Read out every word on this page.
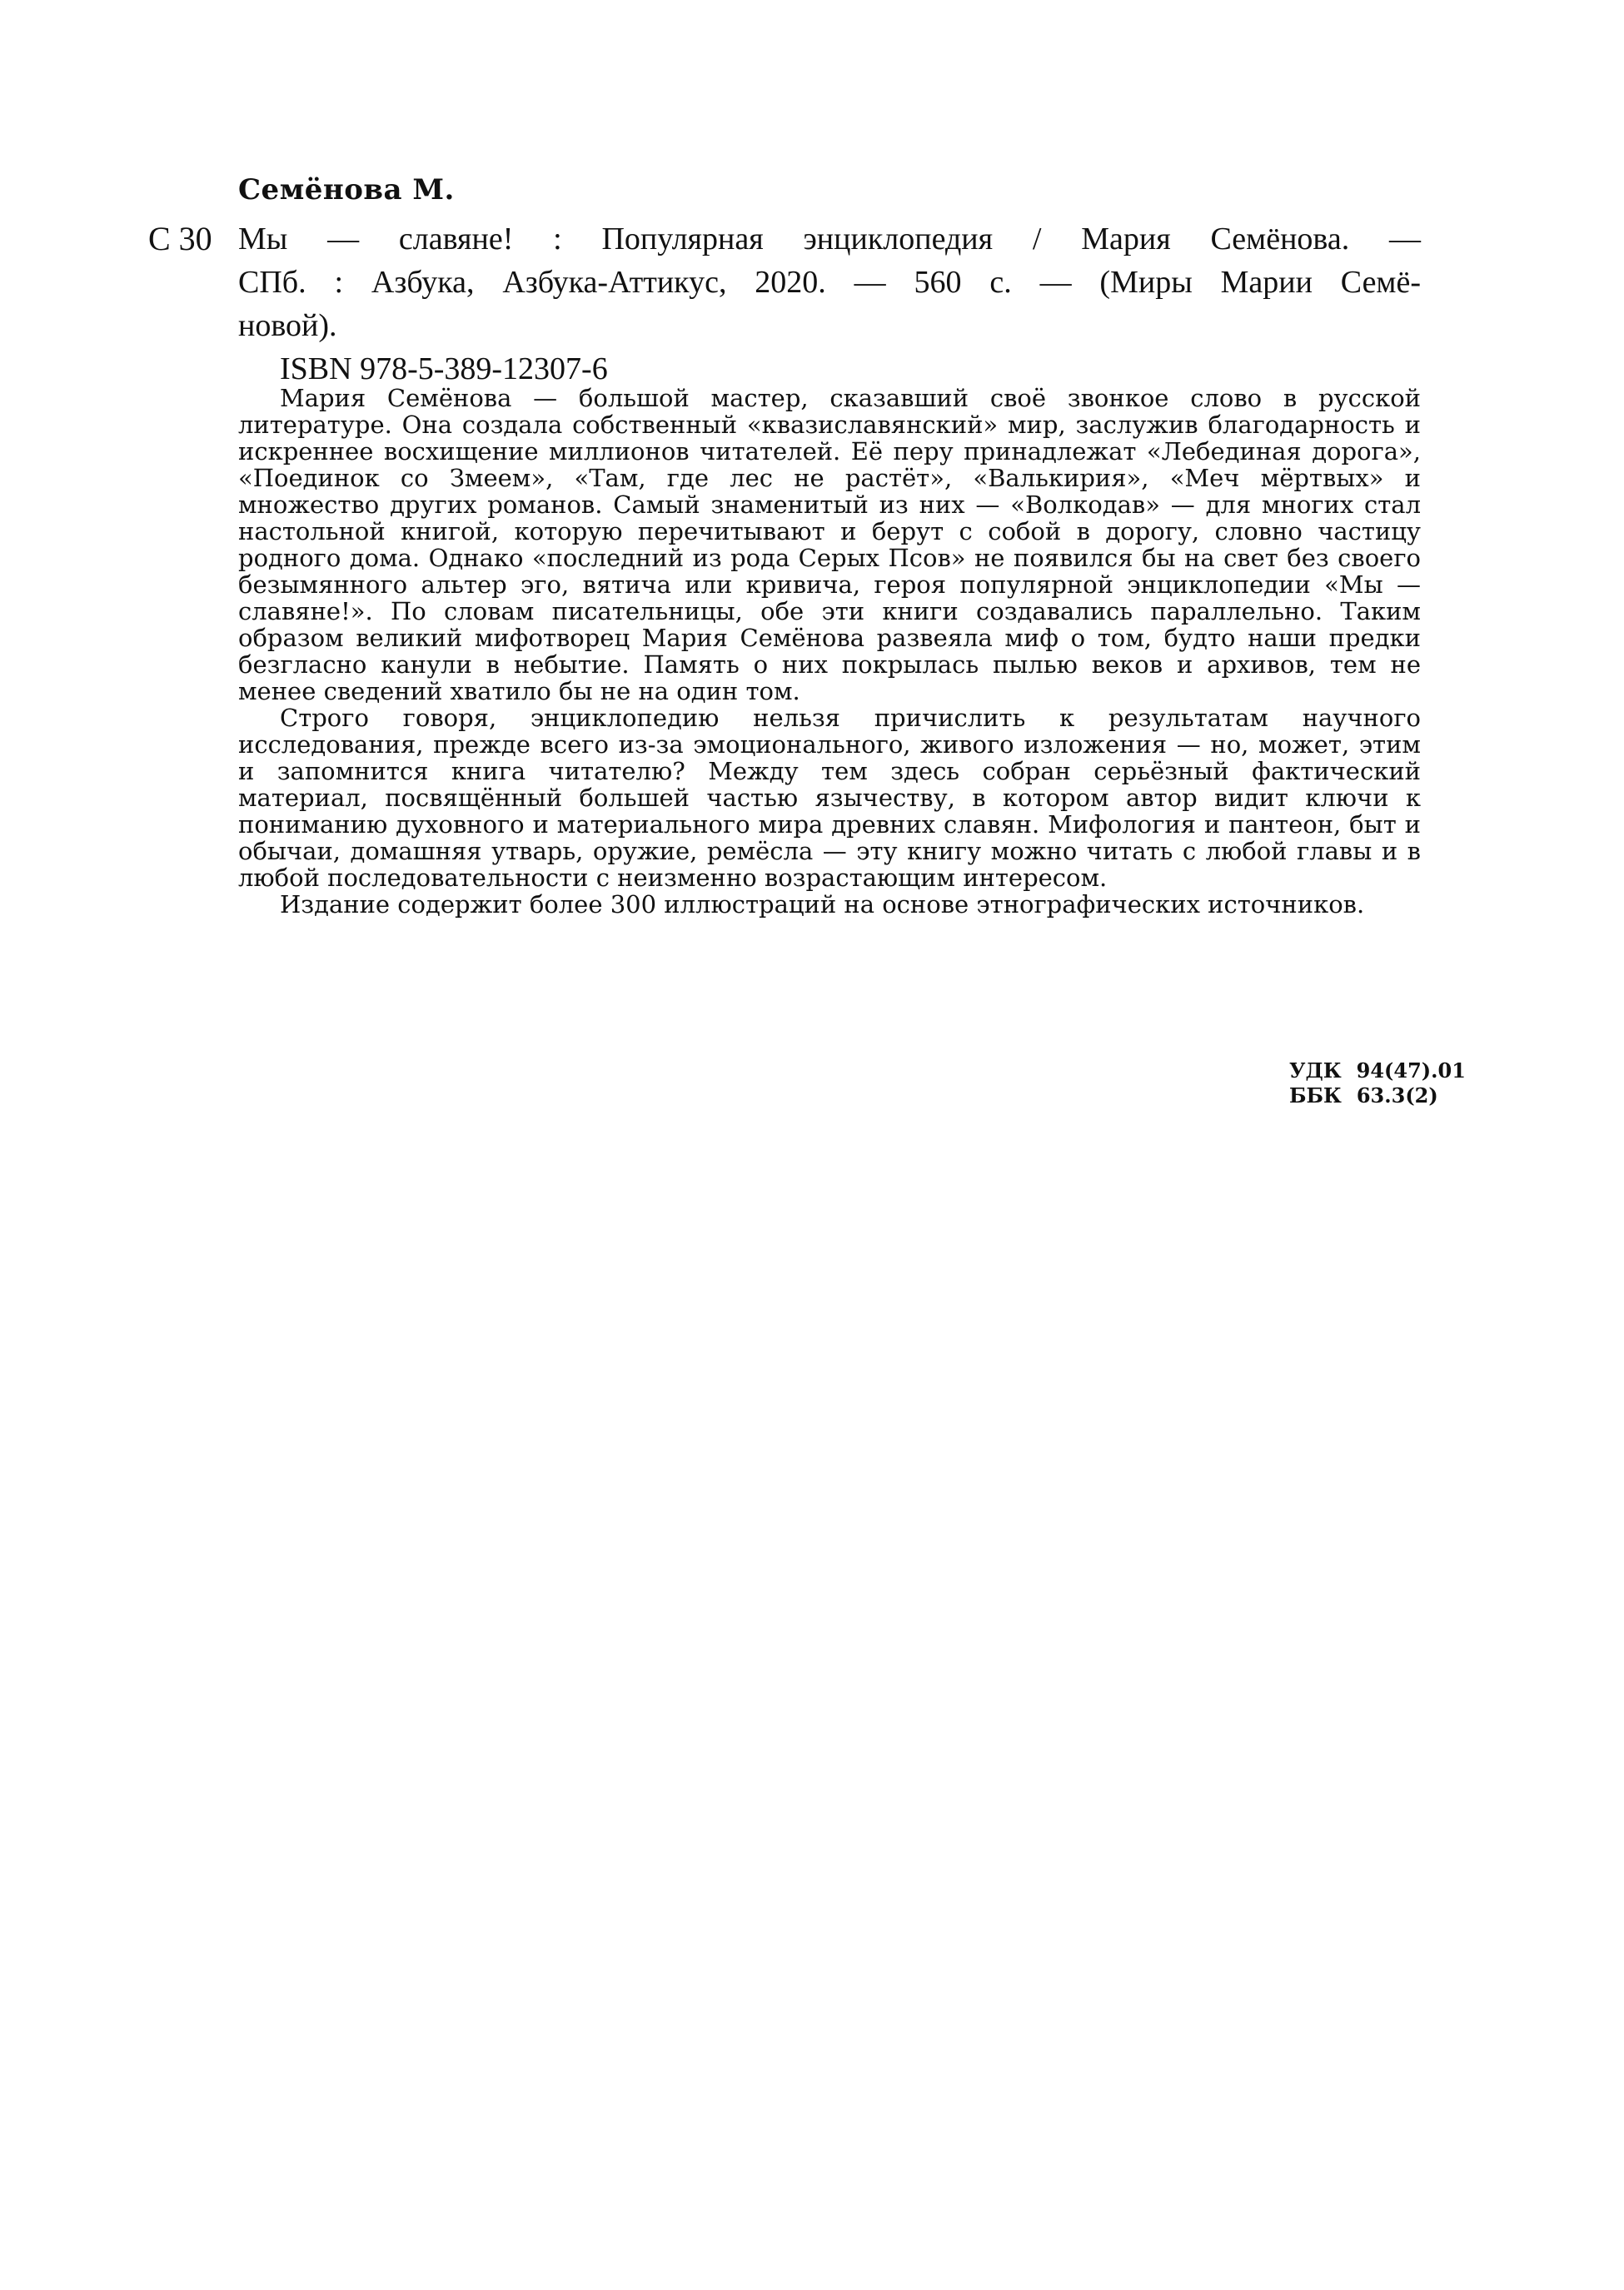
Семёнова М.
С 30 Мы — славяне! : Популярная энциклопедия / Мария Семёнова. —
СПб. : Азбука, Азбука-Аттикус, 2020. — 560 с. — (Миры Марии Семё-
новой).
ISBN 978-5-389-12307-6

Мария Семёнова — большой мастер, сказавший своё звонкое слово в русской литературе. Она создала собственный «квазиславянский» мир, заслужив благодарность и искреннее восхищение миллионов читателей. Её перу принадлежат «Лебединая дорога», «Поединок со Змеем», «Там, где лес не растёт», «Валькирия», «Меч мёртвых» и множество других романов. Самый знаменитый из них — «Волкодав» — для многих стал настольной книгой, которую перечитывают и берут с собой в дорогу, словно частицу родного дома. Однако «последний из рода Серых Псов» не появился бы на свет без своего безымянного альтер эго, вятича или кривича, героя популярной энциклопедии «Мы — славяне!». По словам писательницы, обе эти книги создавались параллельно. Таким образом великий мифотворец Мария Семёнова развеяла миф о том, будто наши предки безгласно канули в небытие. Память о них покрылась пылью веков и архивов, тем не менее сведений хватило бы не на один том.

Строго говоря, энциклопедию нельзя причислить к результатам научного исследования, прежде всего из-за эмоционального, живого изложения — но, может, этим и запомнится книга читателю? Между тем здесь собран серьёзный фактический материал, посвящённый большей частью язычеству, в котором автор видит ключи к пониманию духовного и материального мира древних славян. Мифология и пантеон, быт и обычаи, домашняя утварь, оружие, ремёсла — эту книгу можно читать с любой главы и в любой последовательности с неизменно возрастающим интересом.

Издание содержит более 300 иллюстраций на основе этнографических источников.

УДК 94(47).01
ББК 63.3(2)
